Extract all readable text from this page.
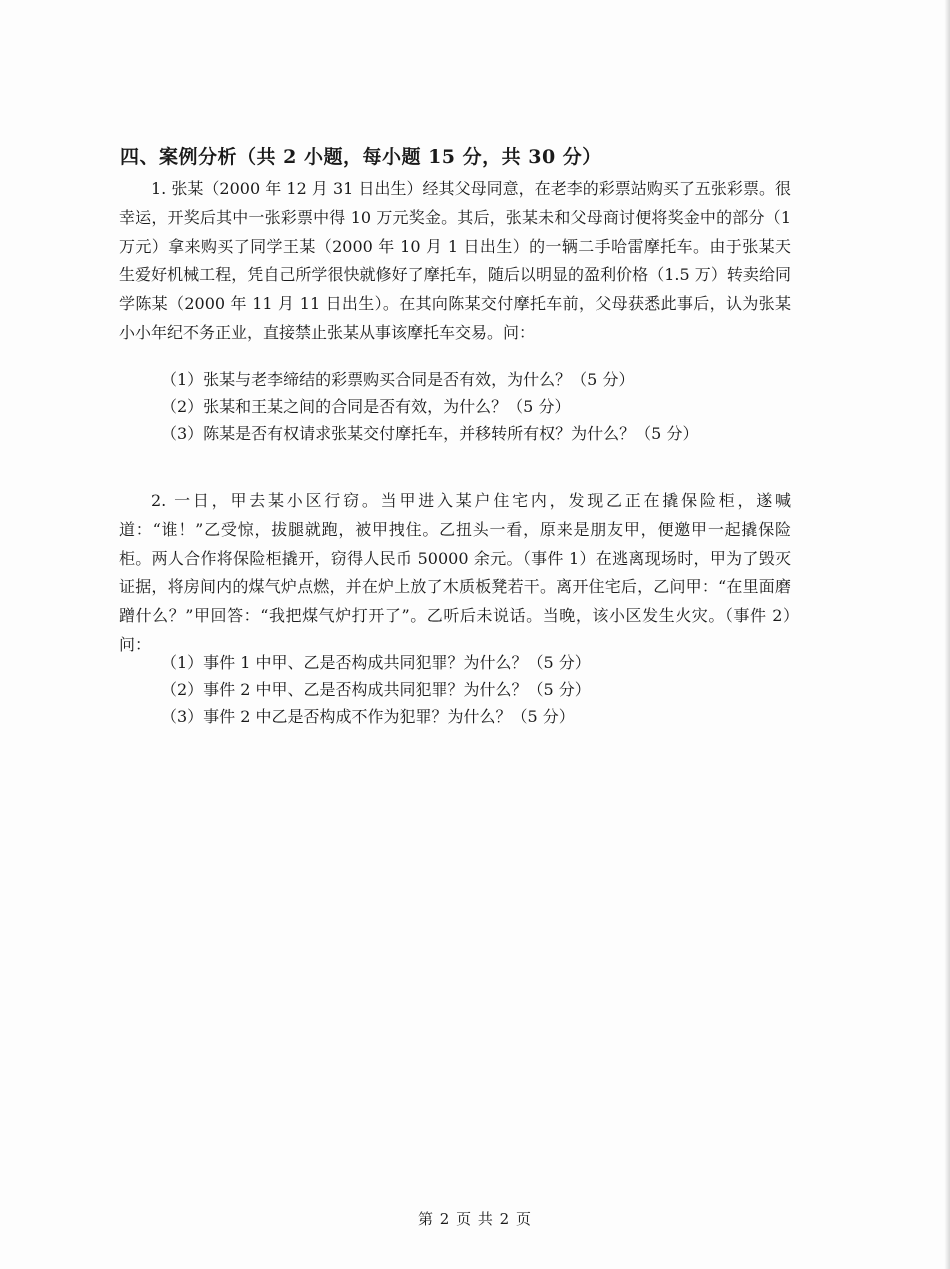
四、案例分析（共 2 小题，每小题 15 分，共 30 分）
1. 张某（2000 年 12 月 31 日出生）经其父母同意，在老李的彩票站购买了五张彩票。很幸运，开奖后其中一张彩票中得 10 万元奖金。其后，张某未和父母商讨便将奖金中的部分（1 万元）拿来购买了同学王某（2000 年 10 月 1 日出生）的一辆二手哈雷摩托车。由于张某天生爱好机械工程，凭自己所学很快就修好了摩托车，随后以明显的盈利价格（1.5 万）转卖给同学陈某（2000 年 11 月 11 日出生）。在其向陈某交付摩托车前，父母获悉此事后，认为张某小小年纪不务正业，直接禁止张某从事该摩托车交易。问：
（1）张某与老李缔结的彩票购买合同是否有效，为什么？（5 分）
（2）张某和王某之间的合同是否有效，为什么？（5 分）
（3）陈某是否有权请求张某交付摩托车，并移转所有权？为什么？（5 分）
2. 一日，甲去某小区行窃。当甲进入某户住宅内，发现乙正在撬保险柜，遂喊道：“谁！”乙受惊，拔腿就跑，被甲拽住。乙扭头一看，原来是朋友甲，便邀甲一起撬保险柜。两人合作将保险柜撬开，窃得人民币 50000 余元。（事件 1）在逃离现场时，甲为了毁灭证据，将房间内的煤气炉点燃，并在炉上放了木质板凳若干。离开住宅后，乙问甲：“在里面磨蹭什么？”甲回答：“我把煤气炉打开了”。乙听后未说话。当晚，该小区发生火灾。（事件 2）　　　问：
（1）事件 1 中甲、乙是否构成共同犯罪？为什么？（5 分）
（2）事件 2 中甲、乙是否构成共同犯罪？为什么？（5 分）
（3）事件 2 中乙是否构成不作为犯罪？为什么？（5 分）
第 2 页 共 2 页
